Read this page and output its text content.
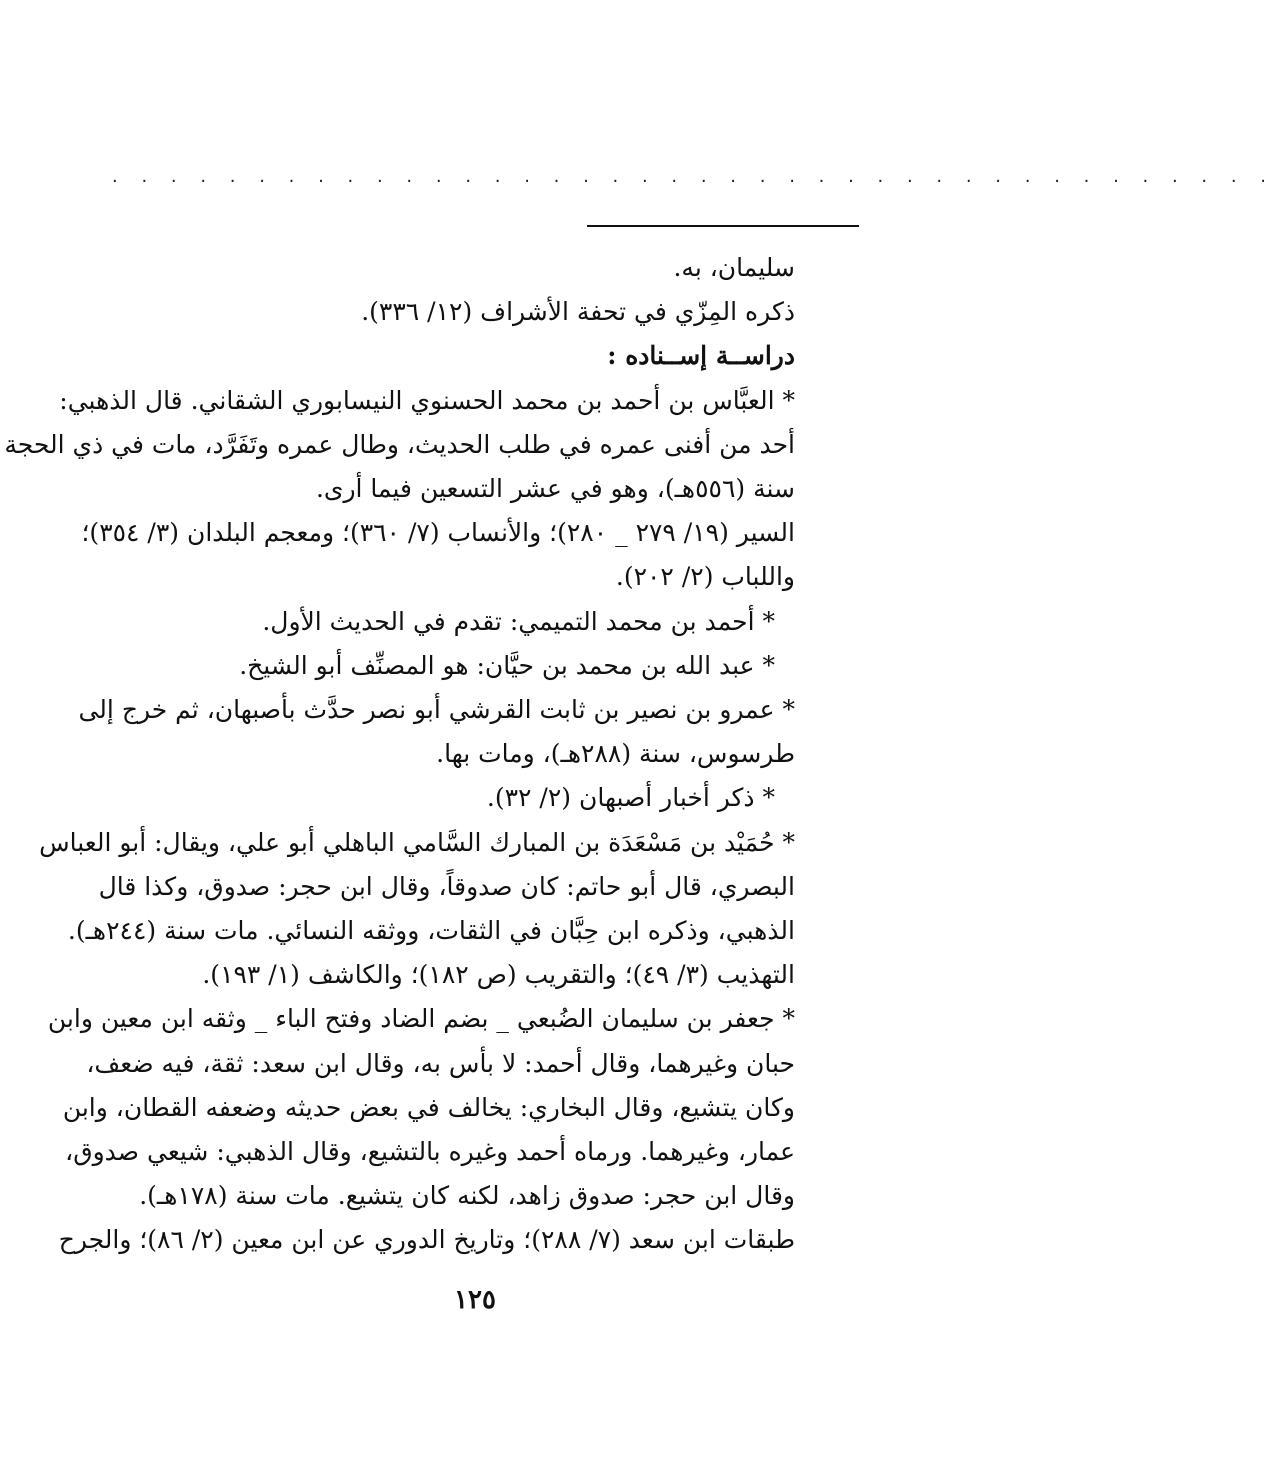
. . . . . . . . . . . . . . . . . . . . . . . . . . . . . . . . . . . . . . . .
سليمان، به.
ذكره المِزّي في تحفة الأشراف (١٢/ ٣٣٦).
دراســة إســناده :
* العبَّاس بن أحمد بن محمد الحسنوي النيسابوري الشقاني. قال الذهبي:
أحد من أفنى عمره في طلب الحديث، وطال عمره وتَفَرَّد، مات في ذي الحجة
سنة (٥٥٦هـ)، وهو في عشر التسعين فيما أرى.
السير (١٩/ ٢٧٩ _ ٢٨٠)؛ والأنساب (٧/ ٣٦٠)؛ ومعجم البلدان (٣/ ٣٥٤)؛
واللباب (٢/ ٢٠٢).
* أحمد بن محمد التميمي: تقدم في الحديث الأول.
* عبد الله بن محمد بن حيَّان: هو المصنِّف أبو الشيخ.
* عمرو بن نصير بن ثابت القرشي أبو نصر حدَّث بأصبهان، ثم خرج إلى
طرسوس، سنة (٢٨٨هـ)، ومات بها.
* ذكر أخبار أصبهان (٢/ ٣٢).
* حُمَيْد بن مَسْعَدَة بن المبارك السَّامي الباهلي أبو علي، ويقال: أبو العباس
البصري، قال أبو حاتم: كان صدوقاً، وقال ابن حجر: صدوق، وكذا قال
الذهبي، وذكره ابن حِبَّان في الثقات، ووثقه النسائي. مات سنة (٢٤٤هـ).
التهذيب (٣/ ٤٩)؛ والتقريب (ص ١٨٢)؛ والكاشف (١/ ١٩٣).
* جعفر بن سليمان الضُبعي _ بضم الضاد وفتح الباء _ وثقه ابن معين وابن
حبان وغيرهما، وقال أحمد: لا بأس به، وقال ابن سعد: ثقة، فيه ضعف،
وكان يتشيع، وقال البخاري: يخالف في بعض حديثه وضعفه القطان، وابن
عمار، وغيرهما. ورماه أحمد وغيره بالتشيع، وقال الذهبي: شيعي صدوق،
وقال ابن حجر: صدوق زاهد، لكنه كان يتشيع. مات سنة (١٧٨هـ).
طبقات ابن سعد (٧/ ٢٨٨)؛ وتاريخ الدوري عن ابن معين (٢/ ٨٦)؛ والجرح
١٢٥
